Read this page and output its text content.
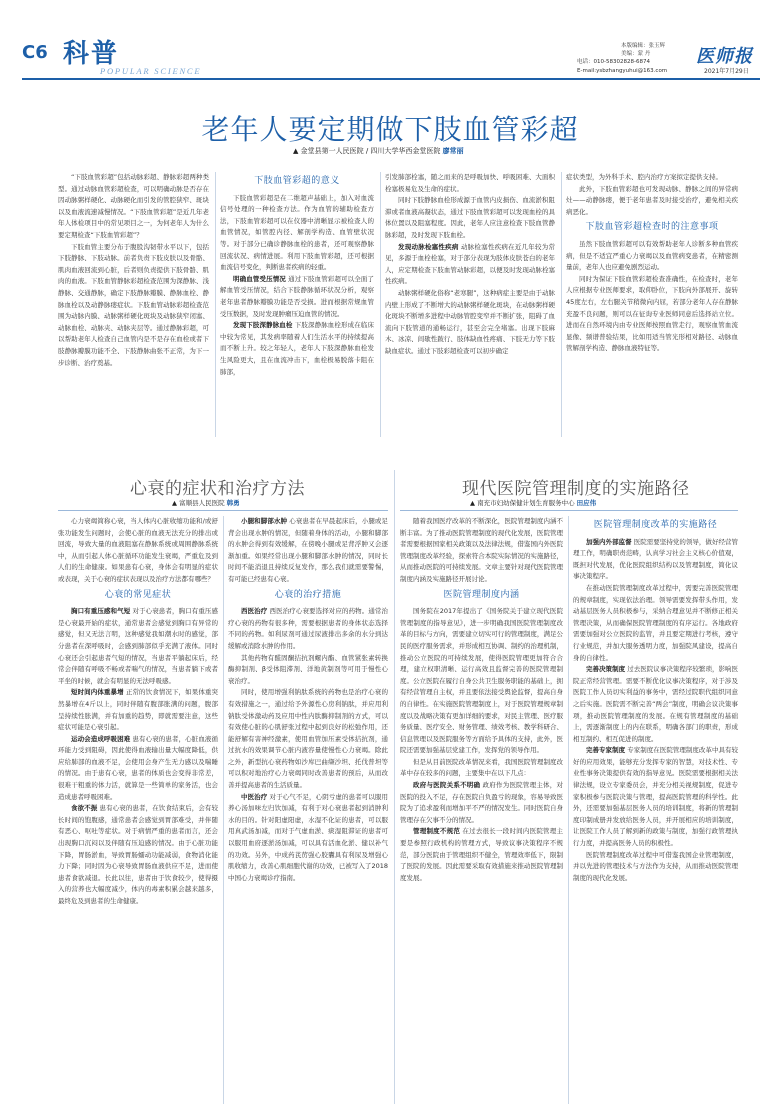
C6 科普
POPULAR SCIENCE
本版编辑：张玉辉
美编：蒙 丹
电话：010-58302828-6874
E-mail:ysbzhangyuhui@163.com
医师报
2021年7月29日
老年人要定期做下肢血管彩超
▲ 金堂县第一人民医院 / 四川大学华西金堂医院 廖常丽

“下肢血管彩超”包括动脉彩超、静脉彩超两种类型。通过动脉血管彩超检查，可以明确动脉是否存在因动脉粥样硬化、动脉硬化而引发的管腔狭窄、斑块以及血液流速减慢情况。“下肢血管彩超”是近几年老年人体检项目中的常见项目之一，为何老年人为什么要定期检查“下肢血管彩超”？

下肢血管主要分布于腹股沟韧带水平以下，包括下肢静脉、下肢动脉。前者负责下肢皮肤以及骨骼、肌肉血液回流到心脏，后者则负责提供下肢骨骼、肌肉的血液。下肢血管静脉彩超检查范围为深静脉、浅静脉、交通静脉，确定下肢静脉瓣膜、静脉血栓、静脉血栓以及动静脉瘘症状。下肢血管动脉彩超检查范围为动脉内膜、动脉粥样硬化斑块及动脉狭窄闭塞、动脉血栓、动脉夹、动脉夹层等。通过静脉彩超，可以帮助老年人检查自己血管内是不是存在血栓或者下肢静脉瓣膜功能不全、下肢静脉曲张不正常，为下一步诊断、治疗奠基。

下肢血管彩超的意义

下肢血管彩超是在二维超声基础上，加入对血流信号处理的一种检查方法。作为血管的辅助检查方法，下肢血管彩超可以在仪器中清晰显示被检查人的血管情况，如管腔内径、解剖学构造、血管壁状况等。对于部分已确诊静脉血栓的患者，还可观察静脉回流状况、病情进展。利用下肢血管彩超，还可根据血流信号变化，判断患者疾病的轻重。

明确血管受压情况 通过下肢血管彩超可以全面了解血管受压情况，结合下肢静脉循环状况分析，观察老年患者静脉瓣膜功能是否受损。进而根据常规血管受压数据，及时发现肿瘤压迫血管的情况。

发现下肢深静脉血栓 下肢深静脉血栓形成在临床中较为常见，其发病率随着人们生活水平的持续提高而不断上升。较之年轻人，老年人下肢深静脉血栓发生风险更大，且在血流冲击下，血栓极易脱落卡阻在肺部，

引发肺部栓塞，随之而来的是呼吸加快、呼吸困难、大面积栓塞极易危及生命的症状。

同时下肢静脉血栓形成源于血管内皮损伤、血流淤积阻滞或者血液高凝状态，通过下肢血管彩超可以发现血栓的具体位置以及阻塞程度。因此，老年人应注意检查下肢血管静脉彩超，及时发现下肢血栓。

发现动脉检塞性疾病 动脉检塞性疾病在近几年较为常见，多源于血栓栓塞，对于部分表现为肢体皮肤苍白的老年人，应定期检查下肢血管动脉彩超，以便及时发现动脉栓塞性疾病。

动脉粥样硬化俗称“老寒腿”，这种病症主要是由于动脉内壁上形成了不断增大的动脉粥样硬化斑块，在动脉粥样硬化斑块不断增多进程中动脉管腔变窄并不断扩张，阻碍了血流向下肢管道的通畅运行，甚至会完全堵塞。出现下肢麻木、冰凉、间歇性跛行、肢体缺血性疼痛、下肢无力等下肢缺血症状。通过下肢彩超检查可以初步确定

症状类型，为外科手术、腔内治疗方案拟定提供支持。

此外，下肢血管彩超也可发现动脉、静脉之间的异常病灶——动静脉瘘，便于老年患者及时接受治疗，避免相关疾病恶化。

下肢血管彩超检查时的注意事项

虽然下肢血管彩超可以有效帮助老年人诊断多种血管疾病，但是不适宜严重心力衰竭以及血管病变患者，在精密测量前，老年人也应避免剧烈运动。

同时为保证下肢血管彩超检查准确性，在检查时，老年人应根据专业医师要求，取仰卧位，下肢向外部展开、旋转45度左右，左右腿关节稍微向内屈，若部分老年人存在静脉充盈不良问题，则可以在征询专业医师同意后选择站立位。进而在自然环境内由专业医师按照血管走行，观察血管血流显像、频谱普验结果，比如用适当管光形相对路径、动脉血管解剖学构造、静脉血液特征等。

心衰的症状和治疗方法
▲ 富顺县人民医院 韩勇

心力衰竭简称心衰，当人体内心脏收缩功能和/或舒张功能发生问题时，会使心脏的血液无法充分的排出或回流，导致大量的血液阻塞在静脉系统或周围静脉系统中，从而引起人体心脏循环功能发生衰竭，严重危及到人们的生命健康。如果患有心衰，身体会有明显的症状或表现，关于心衰的症状表现以及治疗方法都有哪些？

心衰的常见症状

胸口有重压感和气短 对于心衰患者，胸口有重压感是心衰最开始的症状，通常患者会感觉到胸口有异常的感觉，但又无法言明，这种感觉我如潮水时的感觉，部分患者在深呼吸时，会感到肺部似乎充满了液体。同时心衰还会引起患者气短的情况，当患者平躺起床后，经常会伴随有呼吸不畅或者喘气的情况，当患者躺下或者平坐的时候，就会有明显的无法呼吸感。

短时间内体重暴增 正常的饮食情况下，如果体重突然暴增在4斤以上，同时伴随有腹部胀满的问题，腹部呈持续性胀满，并有加重的趋势，即就需要注意，这些症状可能是心衰引起。

运动会造成呼吸困难 患有心衰的患者，心脏血液循环能力受到阻碍，因此使得血液输出量大幅度降低，供应给肺部的血液不足，会使用会身产生无力感以及喘睡的情况。由于患有心衰，患者的体质也会变得非常差，很难干粗重的体力活，就算是一些简单的家务活，也会造成患者呼吸困难。

食欲不振 患有心衰的患者，在饮食结束后，会有较长时间的饱腹感，通常患者会感觉到胃部难受，并伴随有恶心、呕吐等症状。对于病情严重的患者而言，还会出现胸口沉闷以及伴随有压迫感的情况。由于心脏功能下降，胃肠淤血，导致胃肠蠕动功能减弱，食物消化能力下降；同时因为心衰导致胃肠血液供应不足，进而使患者食欲减退。长此以往，患者由于饮食较少，使得摄入的营养也大幅度减少，体内的毒素积累会越来越多，最终危及到患者的生命健康。

小腿和脚部水肿 心衰患者在早晨起床后，小腿或足背会出现水肿的情况，但随着身体的活动，小腿和脚部的水肿会得到有效缓解，在傍晚小腿或足背浮肿又会逐渐加重。如果经常出现小腿和脚部水肿的情况，同时长时间不能消退且持续反复发作，那么我们就需要警惕，有可能已经患有心衰。

心衰的治疗措施

西医治疗 西医治疗心衰要选择对应的药物。通常治疗心衰的药物有很多种，需要根据患者的身体状态选择不同的药物。如利尿剂可通过尿液排出多余的水分到达缓解或消除水肿的作用。

其他药物有醛固酮拮抗剂螺内酯、血管紧张素转换酶抑制剂、β受体阻滞剂、洋地黄制剂等可用于慢性心衰治疗。

同时，使用增强利钠肽系统的药物也是治疗心衰的有效措施之一，通过给予外源性心房利钠肽，并应用利钠肽受体激动药及应用中性内肽酶抑制剂的方式，可以有效使心脏的心肌舒张过程中起到良好的松弛作用，还能舒解有害神经激素，使用血管加压素受体拮抗剂，通过抗水的效果调节心脏内液容量使慢性心力衰竭。除此之外，新型抗心衰药物如沙库巴曲缬沙坦、托伐普坦等可以积对地治疗心力衰竭同时改善患者的预后，从而改善并提高患者的生活质量。

中医治疗 对于心气不足，心阴亏虚的患者可以服用养心汤加味左归饮加减，有利于对心衰患者起到消肿利水的目的。针对阳虚阳虚，水湿不化证的患者，可以服用真武汤加减，而对于气虚血淤、痰湿阻滞证的患者可以服用血府逐淤汤加减，可以具有活血化淤、健以补气的功效。另外，中成药芪苈强心胶囊具有利尿及增强心肌收缩力，改善心肌细胞代谢的功效，已被写入了2018中国心力衰竭诊疗指南。

现代医院管理制度的实施路径
▲ 南充市妇幼保健计划生育服务中心 田应伟

随着我国医疗改革的不断深化，医院管理制度内涵不断丰富。为了推动医院管理制度的现代化发展，医院管理者需要根据国家相关政策以及法律法规，借鉴国内外医院管理制度改革经验，探索符合本院实际情况的实施路径，从而推动医院的可持续发展。文章主要针对现代医院管理制度内涵及实施路径开展讨论。

医院管理制度内涵

国务院在2017年提出了《国务院关于建立现代医院管理制度的指导意见》，进一步明确我国医院管理制度改革的目标与方向，需要建立切实可行的管理制度，满足公民的医疗服务需求，并形成相互协调、制约的治理机制，推动公立医院的可持续发展，使得医院管理更加符合合理，建立权职清晰、运行高效且监督完善的医院管理制度。公立医院在履行自身公共卫生服务职能的基础上，拥有经营管理自主权，并且要依法接受舆论监督，提高自身的自律性。在实施医院管理制度上，对于医院管理规章制度以及战略决策有更加详细的要求，对民主管理、医疗服务质量、医疗安全、财务管理、绩效考核、教学科研合、信息管理以及医院服务等方面给予具体的支持，此外，医院还需要加强基层党建工作，发挥党的领导作用。

但是从目前医院改革情况来看，我国医院管理制度改革中存在较多的问题，主要集中在以下几点：

政府与医院关系不明确 政府作为医院管理主体，对医院的投入不足，存在医院自负盈亏的现象，容易导致医院为了追求盈利而增加平不严的情况发生。同时医院自身管理存在欠事不分的情况。

管理制度不规范 在过去很长一段时间内医院管理主要是参照行政机构的管理方式，导致议事决策程序不规范，部分医院由于管理组织不健全，管理效率低下，限制了医院的发展。因此需要采取有效措施来推动医院管理制度发展。

医院管理制度改革的实施路径

加强内外部监督 医院需要坚持党的领导，做好经营管理工作，明确职责范畴，认真学习社会主义核心价值观，既担对代发展，优化医院组织结构以及管理制度，简化议事决策程序。

在推动医院管理制度改革过程中，需要完善医院管理的规章制度，实现依法治理。领导需要发挥带头作用，发动基层医务人员积极参与，采纳合理意见并不断修正相关管理决策，从而确保医院管理制度的有序运行。各地政府需要加强对公立医院的监管，并且要定期进行考核，遵守行业规范，并加大服务透明力度，加强院风建设，提高自身的自律性。

完善决策制度 过去医院议事决策程序较繁琐，影响医院正常经营管理。需要不断优化议事决策程序，对于涉及医院工作人员切实利益的事务中，需经过院职代组织同意之后实施。医院需不断完善“两会”制度，明确会议决策事项，推动医院管理制度的发展。在规有管理制度的基础上，需逐渐制度上的内在联系，明确各部门的职责，形成相互制约、相互促进的制度。

完善专家制度 专家制度在医院管理制度改革中具有较好的应用效果，能够充分发挥专家的智慧，对技术性、专业性事务决策提供有效的指导意见。医院需要根据相关法律法规，设立专家委员会，并充分相关视规制度，促进专家积极参与医院决策与管理，提高医院管理的科学性。此外，还需要加强基层医务人员的培训制度，将新的管理制度印制成册并发放给医务人员，并开展相应的培训制度，让医院工作人员了解到新的政策与制度，加强行政管理执行力度，并提高医务人员的积极性。

医院管理制度改革过程中可借鉴我国企业管理制度，并以先进的管理技术与方法作为支持，从而推动医院管理制度的现代化发展。
